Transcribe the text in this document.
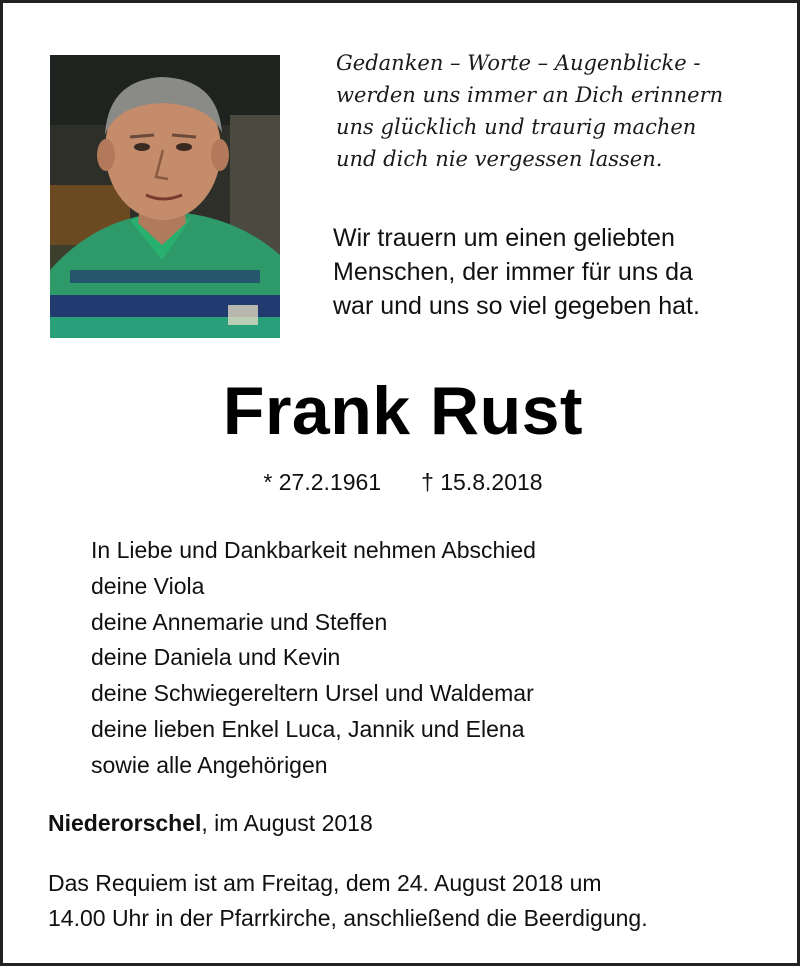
Gedanken – Worte – Augenblicke -
werden uns immer an Dich erinnern
uns glücklich und traurig machen
und dich nie vergessen lassen.
Wir trauern um einen geliebten
Menschen, der immer für uns da
war und uns so viel gegeben hat.
Frank Rust
* 27.2.1961 † 15.8.2018
In Liebe und Dankbarkeit nehmen Abschied
deine Viola
deine Annemarie und Steffen
deine Daniela und Kevin
deine Schwiegereltern Ursel und Waldemar
deine lieben Enkel Luca, Jannik und Elena
sowie alle Angehörigen
Niederorschel, im August 2018
Das Requiem ist am Freitag, dem 24. August 2018 um
14.00 Uhr in der Pfarrkirche, anschließend die Beerdigung.
